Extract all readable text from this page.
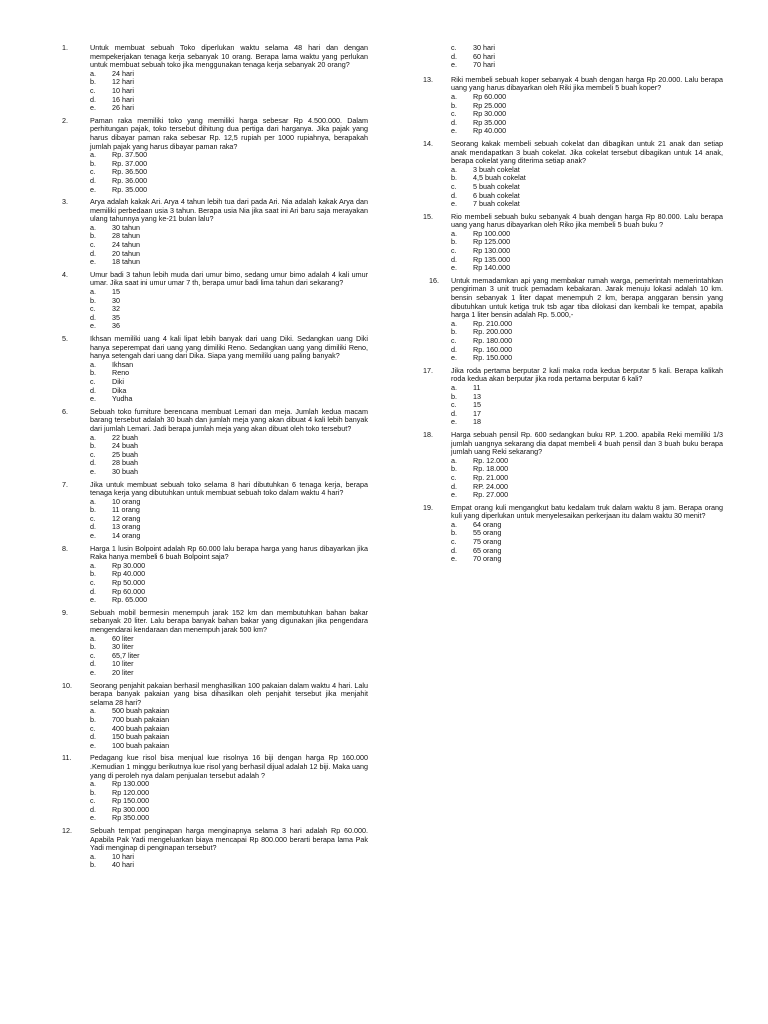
1.	Untuk membuat sebuah Toko diperlukan waktu selama 48 hari dan dengan mempekerjakan tenaga kerja sebanyak 10 orang. Berapa lama waktu yang perlukan untuk membuat sebuah toko jika menggunakan tenaga kerja sebanyak 20 orang?
a.	24 hari
b.	12 hari
c.	10 hari
d.	16 hari
e.	26 hari
2.	Paman raka memiliki toko yang memiliki harga sebesar Rp 4.500.000. Dalam perhitungan pajak, toko tersebut dihitung dua pertiga dari harganya. Jika pajak yang harus dibayar paman raka sebesar Rp. 12,5 rupiah per 1000 rupiahnya, berapakah jumlah pajak yang harus dibayar paman raka?
a.	Rp. 37.500
b.	Rp. 37.000
c.	Rp. 36.500
d.	Rp. 36.000
e.	Rp. 35.000
3.	Arya adalah kakak Ari. Arya 4 tahun lebih tua dari pada Ari. Nia adalah kakak Arya dan memiliki perbedaan usia 3 tahun. Berapa usia Nia jika saat ini Ari baru saja merayakan ulang tahunnya yang ke-21 bulan lalu?
a.	30 tahun
b.	28 tahun
c.	24 tahun
d.	20 tahun
e.	18 tahun
4.	Umur badi 3 tahun lebih muda dari umur bimo, sedang umur bimo adalah 4 kali umur umar. Jika saat ini umur umar 7 th, berapa umur badi lima tahun dari sekarang?
a.	15
b.	30
c.	32
d.	35
e.	36
5.	Ikhsan memiliki uang 4 kali lipat lebih banyak dari uang Diki. Sedangkan uang Diki hanya seperempat dari uang yang dimiliki Reno. Sedangkan uang yang dimiliki Reno, hanya setengah dari uang dari Dika. Siapa yang memiliki uang paling banyak?
a.	Ikhsan
b.	Reno
c.	Diki
d.	Dika
e.	Yudha
6.	Sebuah toko furniture berencana membuat Lemari dan meja. Jumlah kedua macam barang tersebut adalah 30 buah dan jumlah meja yang akan dibuat 4 kali lebih banyak dari jumlah Lemari. Jadi berapa jumlah meja yang akan dibuat oleh toko tersebut?
a.	22 buah
b.	24 buah
c.	25 buah
d.	28 buah
e.	30 buah
7.	Jika untuk membuat sebuah toko selama 8 hari dibutuhkan 6 tenaga kerja, berapa tenaga kerja yang dibutuhkan untuk membuat sebuah toko dalam waktu 4 hari?
a.	10 orang
b.	11 orang
c.	12 orang
d.	13 orang
e.	14 orang
8.	Harga 1 lusin Bolpoint adalah Rp 60.000 lalu berapa harga yang harus dibayarkan jika Raka hanya membeli 6 buah Bolpoint saja?
a.	Rp 30.000
b.	Rp 40.000
c.	Rp 50.000
d.	Rp 60.000
e.	Rp. 65.000
9.	Sebuah mobil bermesin menempuh jarak 152 km dan membutuhkan bahan bakar sebanyak 20 liter. Lalu berapa banyak bahan bakar yang digunakan jika pengendara mengendarai kendaraan dan menempuh jarak 500 km?
a.	60 liter
b.	30 liter
c.	65,7 liter
d.	10 liter
e.	20 liter
10.	Seorang penjahit pakaian berhasil menghasilkan 100 pakaian dalam waktu 4 hari. Lalu berapa banyak pakaian yang bisa dihasilkan oleh penjahit tersebut jika menjahit selama 28 hari?
a.	500 buah pakaian
b.	700 buah pakaian
c.	400 buah pakaian
d.	150 buah pakaian
e.	100 buah pakaian
11.	Pedagang kue risol bisa menjual kue risolnya 16 biji dengan harga Rp 160.000 .Kemudian 1 minggu berikutnya kue risol yang berhasil dijual adalah 12 biji. Maka uang yang di peroleh nya dalam penjualan tersebut adalah ?
a.	Rp 130.000
b.	Rp 120.000
c.	Rp 150.000
d.	Rp 300.000
e.	Rp 350.000
12.	Sebuah tempat penginapan harga menginapnya selama 3 hari adalah Rp 60.000. Apabila Pak Yadi mengeluarkan biaya mencapai Rp 800.000 berarti berapa lama Pak Yadi menginap di penginapan tersebut?
a.	10 hari
b.	40 hari
c.	30 hari
d.	60 hari
e.	70 hari
13.	Riki membeli sebuah koper sebanyak 4 buah dengan harga Rp 20.000. Lalu berapa uang yang harus dibayarkan oleh Riki jika membeli 5 buah koper?
a.	Rp 60.000
b.	Rp 25.000
c.	Rp 30.000
d.	Rp 35.000
e.	Rp 40.000
14.	Seorang kakak membeli sebuah cokelat dan dibagikan untuk 21 anak dan setiap anak mendapatkan 3 buah cokelat. Jika cokelat tersebut dibagikan untuk 14 anak, berapa cokelat yang diterima setiap anak?
a.	3 buah cokelat
b.	4,5 buah cokelat
c.	5 buah cokelat
d.	6 buah cokelat
e.	7 buah cokelat
15.	Rio membeli sebuah buku sebanyak 4 buah dengan harga Rp 80.000. Lalu berapa uang yang harus dibayarkan oleh Riko jika membeli 5 buah buku ?
a.	Rp 100.000
b.	Rp 125.000
c.	Rp 130.000
d.	Rp 135.000
e.	Rp 140.000
16. Untuk memadamkan api yang membakar rumah warga, pemerintah memerintahkan pengiriman 3 unit truck pemadam kebakaran. Jarak menuju lokasi adalah 10 km. bensin sebanyak 1 liter dapat menempuh 2 km, berapa anggaran bensin yang dibutuhkan untuk ketiga truk tsb agar tiba dilokasi dan kembali ke tempat, apabila harga 1 liter bensin adalah Rp. 5.000,-
a.	Rp. 210.000
b.	Rp. 200.000
c.	Rp. 180.000
d.	Rp. 160.000
e.	Rp. 150.000
17.	Jika roda pertama berputar 2 kali maka roda kedua berputar 5 kali. Berapa kalikah roda kedua akan berputar jika roda pertama berputar 6 kali?
a.	11
b.	13
c.	15
d.	17
e.	18
18.	Harga sebuah pensil Rp. 600 sedangkan buku RP. 1.200. apabila Reki memiliki 1/3 jumlah uangnya sekarang dia dapat membeli 4 buah pensil dan 3 buah buku berapa jumlah uang Reki sekarang?
a.	Rp. 12.000
b.	Rp. 18.000
c.	Rp. 21.000
d.	RP. 24.000
e.	Rp. 27.000
19.	Empat orang kuli mengangkut batu kedalam truk dalam waktu 8 jam. Berapa orang kuli yang diperlukan untuk menyelesaikan perkerjaan itu dalam waktu 30 menit?
a.	64 orang
b.	55 orang
c.	75 orang
d.	65 orang
e.	70 orang
